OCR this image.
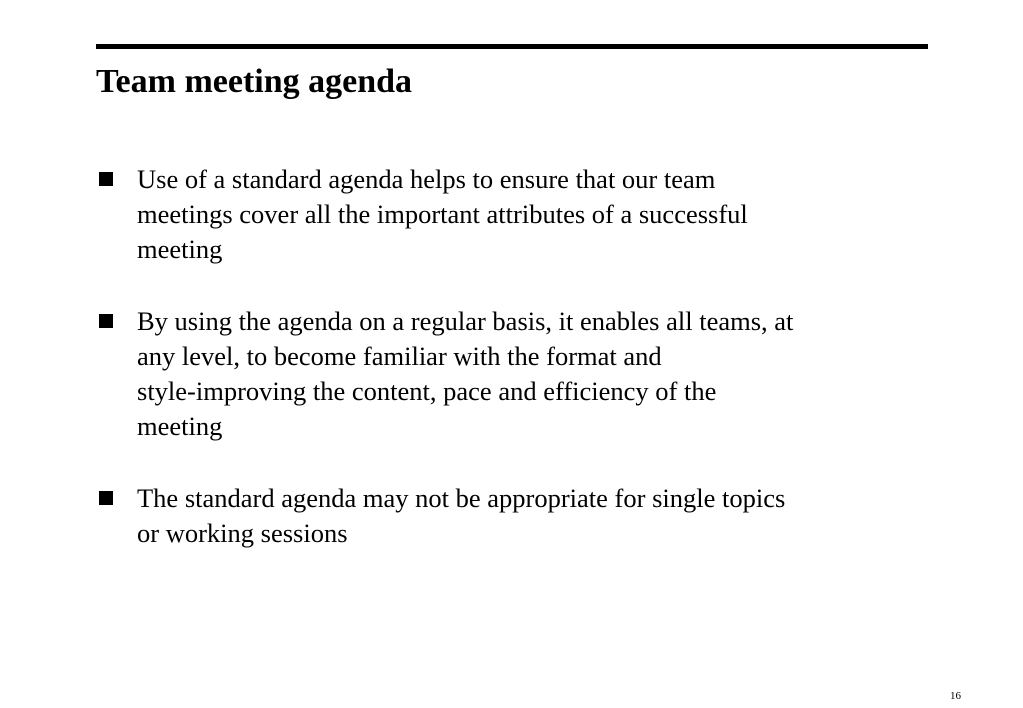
Team meeting agenda
Use of a standard agenda helps to ensure that our team
meetings cover all the important attributes of a successful
meeting
By using the agenda on a regular basis, it enables all teams, at
any level, to become familiar with the format and
style-improving the content, pace and efficiency of the
meeting
The standard agenda may not be appropriate for single topics
or working sessions
16
